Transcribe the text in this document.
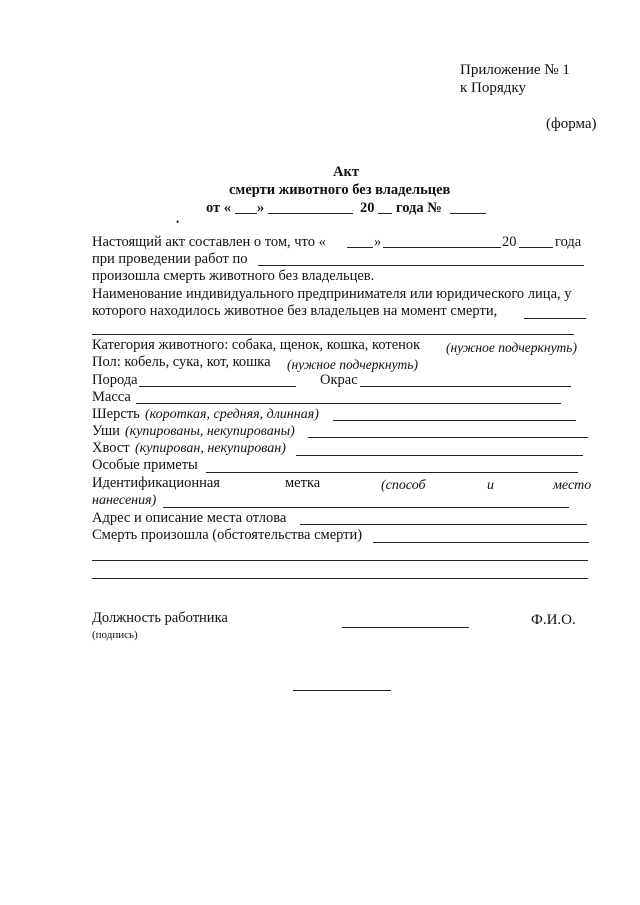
Приложение № 1
к Порядку
(форма)
Акт
смерти животного без владельцев
от « »	20 года №
•
Настоящий акт составлен о том, что «	»	20	года
при проведении работ по
произошла смерть животного без владельцев.
Наименование индивидуального предпринимателя или юридического лица, у
которого находилось животное без владельцев на момент смерти,
Категория животного: собака, щенок, кошка, котенок (нужное подчеркнуть)
Пол: кобель, сука, кот, кошка (нужное подчеркнуть)
Порода	Окрас
Масса
Шерсть (короткая, средняя, длинная)
Уши (купированы, некупированы)
Хвост (купирован, некупирован)
Особые приметы
Идентификационная	метка	(способ	и	место
нанесения)
Адрес и описание места отлова
Смерть произошла (обстоятельства смерти)
Должность работника
(подпись)
Ф.И.О.
